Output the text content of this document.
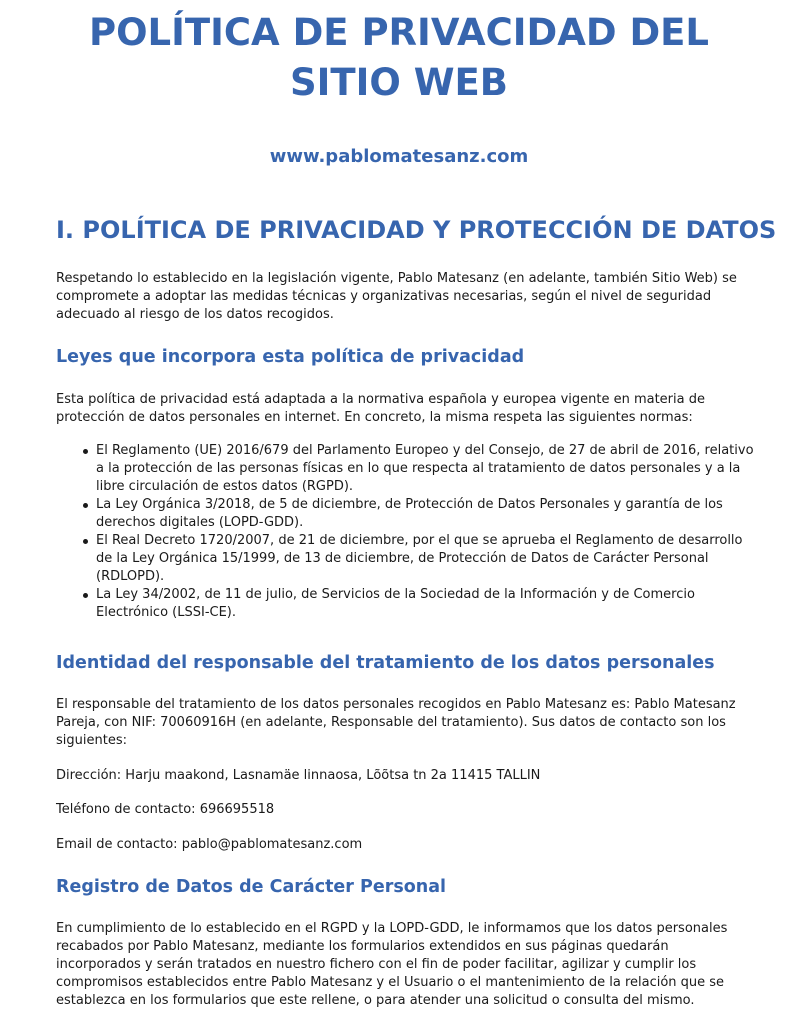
POLÍTICA DE PRIVACIDAD DEL
SITIO WEB

www.pablomatesanz.com

I. POLÍTICA DE PRIVACIDAD Y PROTECCIÓN DE DATOS

Respetando lo establecido en la legislación vigente, Pablo Matesanz (en adelante, también Sitio Web) se
compromete a adoptar las medidas técnicas y organizativas necesarias, según el nivel de seguridad
adecuado al riesgo de los datos recogidos.

Leyes que incorpora esta política de privacidad

Esta política de privacidad está adaptada a la normativa española y europea vigente en materia de
protección de datos personales en internet. En concreto, la misma respeta las siguientes normas:

El Reglamento (UE) 2016/679 del Parlamento Europeo y del Consejo, de 27 de abril de 2016, relativo
a la protección de las personas físicas en lo que respecta al tratamiento de datos personales y a la
libre circulación de estos datos (RGPD).
La Ley Orgánica 3/2018, de 5 de diciembre, de Protección de Datos Personales y garantía de los
derechos digitales (LOPD-GDD).
El Real Decreto 1720/2007, de 21 de diciembre, por el que se aprueba el Reglamento de desarrollo
de la Ley Orgánica 15/1999, de 13 de diciembre, de Protección de Datos de Carácter Personal
(RDLOPD).
La Ley 34/2002, de 11 de julio, de Servicios de la Sociedad de la Información y de Comercio
Electrónico (LSSI-CE).
Identidad del responsable del tratamiento de los datos personales

El responsable del tratamiento de los datos personales recogidos en Pablo Matesanz es: Pablo Matesanz
Pareja, con NIF: 70060916H (en adelante, Responsable del tratamiento). Sus datos de contacto son los
siguientes:

Dirección: Harju maakond, Lasnamäe linnaosa, Lõõtsa tn 2a 11415 TALLIN

Teléfono de contacto: 696695518

Email de contacto: pablo@pablomatesanz.com

Registro de Datos de Carácter Personal

En cumplimiento de lo establecido en el RGPD y la LOPD-GDD, le informamos que los datos personales
recabados por Pablo Matesanz, mediante los formularios extendidos en sus páginas quedarán
incorporados y serán tratados en nuestro fichero con el fin de poder facilitar, agilizar y cumplir los
compromisos establecidos entre Pablo Matesanz y el Usuario o el mantenimiento de la relación que se
establezca en los formularios que este rellene, o para atender una solicitud o consulta del mismo.
